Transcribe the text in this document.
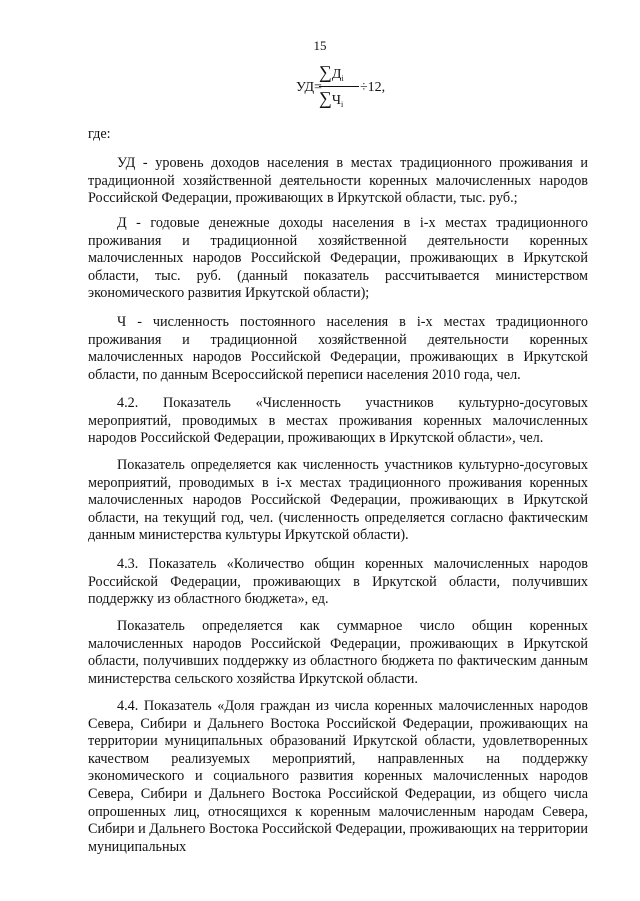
15
УД=
$\sum Д_i$
$\sum Ч_i$
÷12,

где:

УД - уровень доходов населения в местах традиционного проживания и традиционной хозяйственной деятельности коренных малочисленных народов Российской Федерации, проживающих в Иркутской области, тыс. руб.;

Д - годовые денежные доходы населения в i-х местах традиционного проживания и традиционной хозяйственной деятельности коренных малочисленных народов Российской Федерации, проживающих в Иркутской области, тыс. руб. (данный показатель рассчитывается министерством экономического развития Иркутской области);

Ч - численность постоянного населения в i-х местах традиционного проживания и традиционной хозяйственной деятельности коренных малочисленных народов Российской Федерации, проживающих в Иркутской области, по данным Всероссийской переписи населения 2010 года, чел.

4.2. Показатель «Численность участников культурно-досуговых мероприятий, проводимых в местах проживания коренных малочисленных народов Российской Федерации, проживающих в Иркутской области», чел.

Показатель определяется как численность участников культурно-досуговых мероприятий, проводимых в i-х местах традиционного проживания коренных малочисленных народов Российской Федерации, проживающих в Иркутской области, на текущий год, чел. (численность определяется согласно фактическим данным министерства культуры Иркутской области).

4.3. Показатель «Количество общин коренных малочисленных народов Российской Федерации, проживающих в Иркутской области, получивших поддержку из областного бюджета», ед.

Показатель определяется как суммарное число общин коренных малочисленных народов Российской Федерации, проживающих в Иркутской области, получивших поддержку из областного бюджета по фактическим данным министерства сельского хозяйства Иркутской области.

4.4. Показатель «Доля граждан из числа коренных малочисленных народов Севера, Сибири и Дальнего Востока Российской Федерации, проживающих на территории муниципальных образований Иркутской области, удовлетворенных качеством реализуемых мероприятий, направленных на поддержку экономического и социального развития коренных малочисленных народов Севера, Сибири и Дальнего Востока Российской Федерации, из общего числа опрошенных лиц, относящихся к коренным малочисленным народам Севера, Сибири и Дальнего Востока Российской Федерации, проживающих на территории муниципальных
